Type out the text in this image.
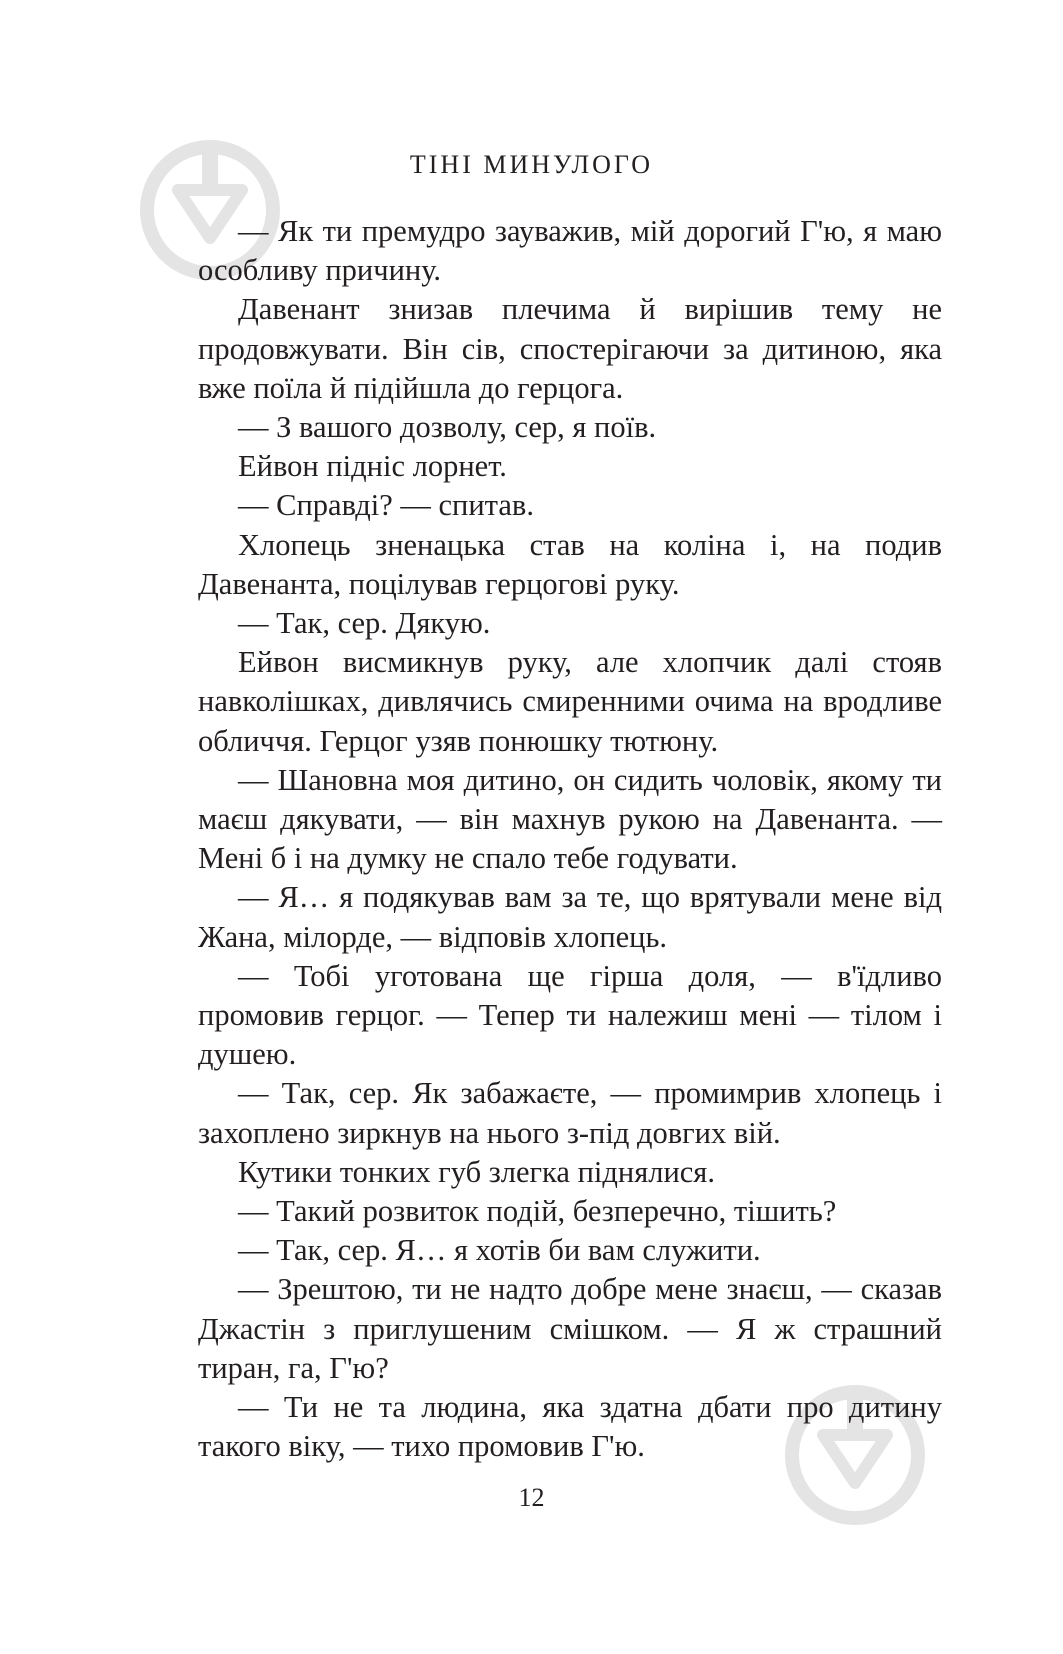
ТІНІ МИНУЛОГО

— Як ти премудро зауважив, мій дорогий Г'ю, я маю особливу причину.

Давенант знизав плечима й вирішив тему не продовжувати. Він сів, спостерігаючи за дитиною, яка вже поїла й підійшла до герцога.

— З вашого дозволу, сер, я поїв.

Ейвон підніс лорнет.

— Справді? — спитав.

Хлопець зненацька став на коліна і, на подив Давенанта, поцілував герцогові руку.

— Так, сер. Дякую.

Ейвон висмикнув руку, але хлопчик далі стояв навколішках, дивлячись смиренними очима на вродливе обличчя. Герцог узяв понюшку тютюну.

— Шановна моя дитино, он сидить чоловік, якому ти маєш дякувати, — він махнув рукою на Давенанта. — Мені б і на думку не спало тебе годувати.

— Я… я подякував вам за те, що врятували мене від Жана, мілорде, — відповів хлопець.

— Тобі уготована ще гірша доля, — в'їдливо промовив герцог. — Тепер ти належиш мені — тілом і душею.

— Так, сер. Як забажаєте, — промимрив хлопець і захоплено зиркнув на нього з-під довгих вій.

Кутики тонких губ злегка піднялися.

— Такий розвиток подій, безперечно, тішить?

— Так, сер. Я… я хотів би вам служити.

— Зрештою, ти не надто добре мене знаєш, — сказав Джастін з приглушеним смішком. — Я ж страшний тиран, га, Г'ю?

— Ти не та людина, яка здатна дбати про дитину такого віку, — тихо промовив Г'ю.

12
